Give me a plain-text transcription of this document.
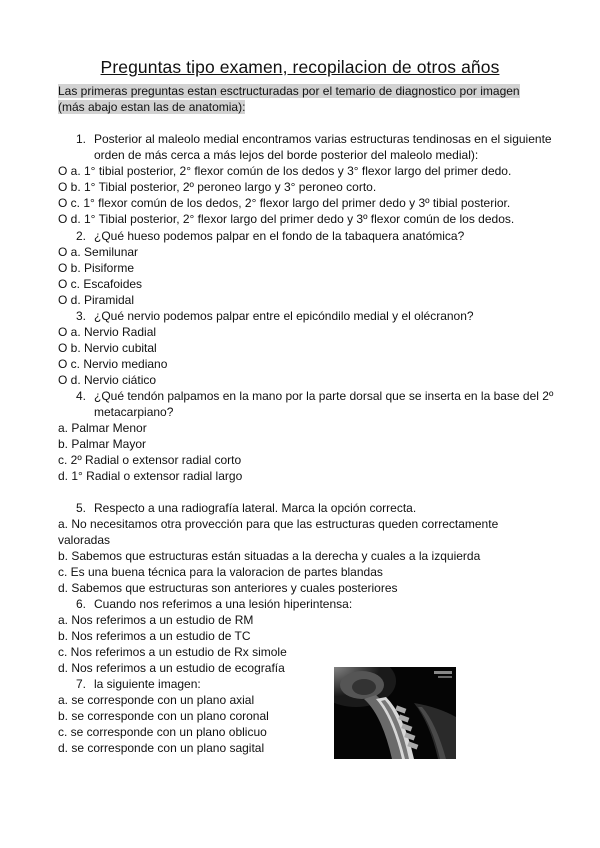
Preguntas tipo examen, recopilacion de otros años
Las primeras preguntas estan esctructuradas por el temario de diagnostico por imagen (más abajo estan las de anatomia):
1. Posterior al maleolo medial encontramos varias estructuras tendinosas en el siguiente orden de más cerca a más lejos del borde posterior del maleolo medial):
O a. 1° tibial posterior, 2° flexor común de los dedos y 3° flexor largo del primer dedo.
O b. 1° Tibial posterior, 2º peroneo largo y 3° peroneo corto.
O c. 1° flexor común de los dedos, 2° flexor largo del primer dedo y 3º tibial posterior.
O d. 1° Tibial posterior, 2° flexor largo del primer dedo y 3º flexor común de los dedos.
2. ¿Qué hueso podemos palpar en el fondo de la tabaquera anatómica?
O a. Semilunar
O b. Pisiforme
O c. Escafoides
O d. Piramidal
3. ¿Qué nervio podemos palpar entre el epicóndilo medial y el olécranon?
O a. Nervio Radial
O b. Nervio cubital
O c. Nervio mediano
O d. Nervio ciático
4. ¿Qué tendón palpamos en la mano por la parte dorsal que se inserta en la base del 2º metacarpiano?
a. Palmar Menor
b. Palmar Mayor
c. 2º Radial o extensor radial corto
d. 1° Radial o extensor radial largo
5. Respecto a una radiografía lateral. Marca la opción correcta.
a. No necesitamos otra provección para que las estructuras queden correctamente valoradas
b. Sabemos que estructuras están situadas a la derecha y cuales a la izquierda
c. Es una buena técnica para la valoracion de partes blandas
d. Sabemos que estructuras son anteriores y cuales posteriores
6. Cuando nos referimos a una lesión hiperintensa:
a. Nos referimos a un estudio de RM
b. Nos referimos a un estudio de TC
c. Nos referimos a un estudio de Rx simole
d. Nos referimos a un estudio de ecografía
7. la siguiente imagen:
a. se corresponde con un plano axial
b. se corresponde con un plano coronal
c. se corresponde con un plano oblicuo
d. se corresponde con un plano sagital
